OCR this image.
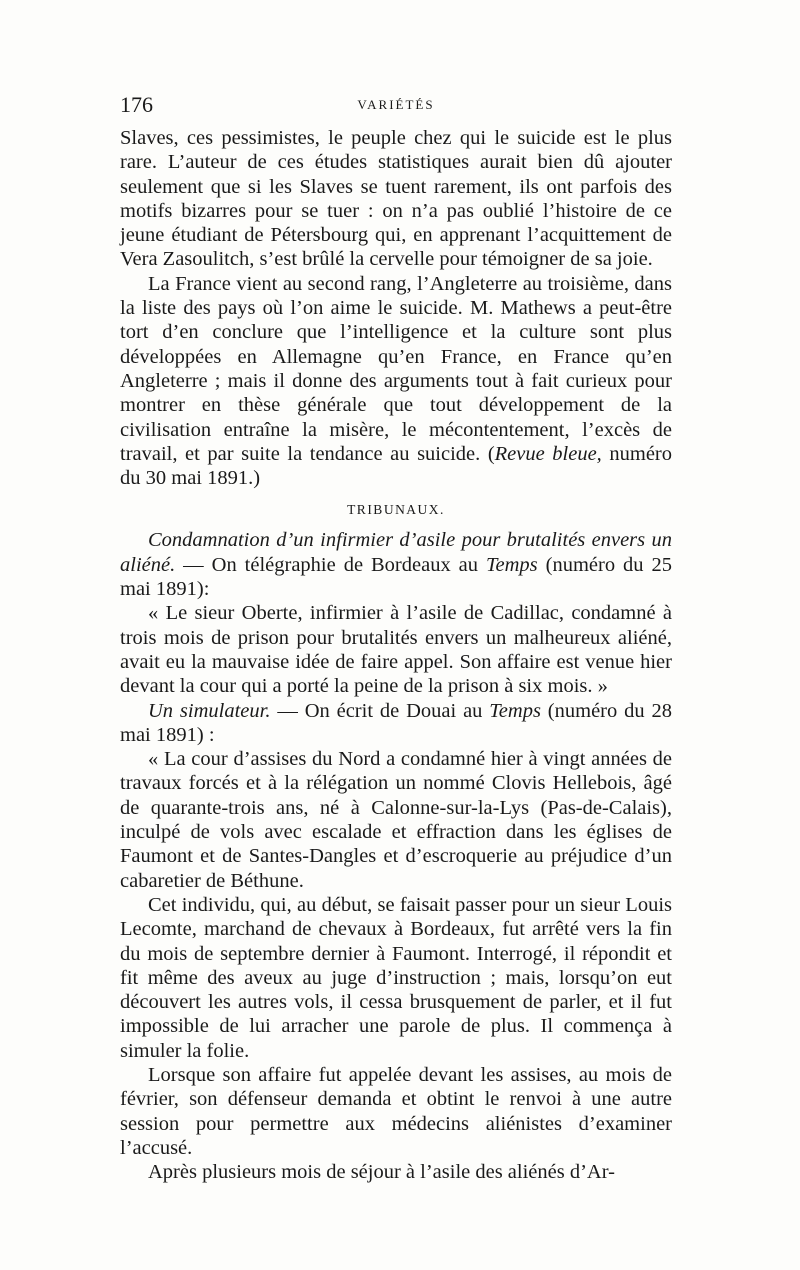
176	VARIÉTÉS

Slaves, ces pessimistes, le peuple chez qui le suicide est le plus rare. L’auteur de ces études statistiques aurait bien dû ajouter seulement que si les Slaves se tuent rarement, ils ont parfois des motifs bizarres pour se tuer : on n’a pas oublié l’histoire de ce jeune étudiant de Pétersbourg qui, en apprenant l’acquittement de Vera Zasoulitch, s’est brûlé la cervelle pour témoigner de sa joie.

La France vient au second rang, l’Angleterre au troisième, dans la liste des pays où l’on aime le suicide. M. Mathews a peut-être tort d’en conclure que l’intelligence et la culture sont plus développées en Allemagne qu’en France, en France qu’en Angleterre ; mais il donne des arguments tout à fait curieux pour montrer en thèse générale que tout développement de la civilisation entraîne la misère, le mécontentement, l’excès de travail, et par suite la tendance au suicide. (Revue bleue, numéro du 30 mai 1891.)

TRIBUNAUX.

Condamnation d’un infirmier d’asile pour brutalités envers un aliéné. — On télégraphie de Bordeaux au Temps (numéro du 25 mai 1891):

« Le sieur Oberte, infirmier à l’asile de Cadillac, condamné à trois mois de prison pour brutalités envers un malheureux aliéné, avait eu la mauvaise idée de faire appel. Son affaire est venue hier devant la cour qui a porté la peine de la prison à six mois. »

Un simulateur. — On écrit de Douai au Temps (numéro du 28 mai 1891) :

« La cour d’assises du Nord a condamné hier à vingt années de travaux forcés et à la rélégation un nommé Clovis Hellebois, âgé de quarante-trois ans, né à Calonne-sur-la-Lys (Pas-de-Calais), inculpé de vols avec escalade et effraction dans les églises de Faumont et de Santes-Dangles et d’escroquerie au préjudice d’un cabaretier de Béthune.

Cet individu, qui, au début, se faisait passer pour un sieur Louis Lecomte, marchand de chevaux à Bordeaux, fut arrêté vers la fin du mois de septembre dernier à Faumont. Interrogé, il répondit et fit même des aveux au juge d’instruction ; mais, lorsqu’on eut découvert les autres vols, il cessa brusquement de parler, et il fut impossible de lui arracher une parole de plus. Il commença à simuler la folie.

Lorsque son affaire fut appelée devant les assises, au mois de février, son défenseur demanda et obtint le renvoi à une autre session pour permettre aux médecins aliénistes d’examiner l’accusé.

Après plusieurs mois de séjour à l’asile des aliénés d’Ar-
